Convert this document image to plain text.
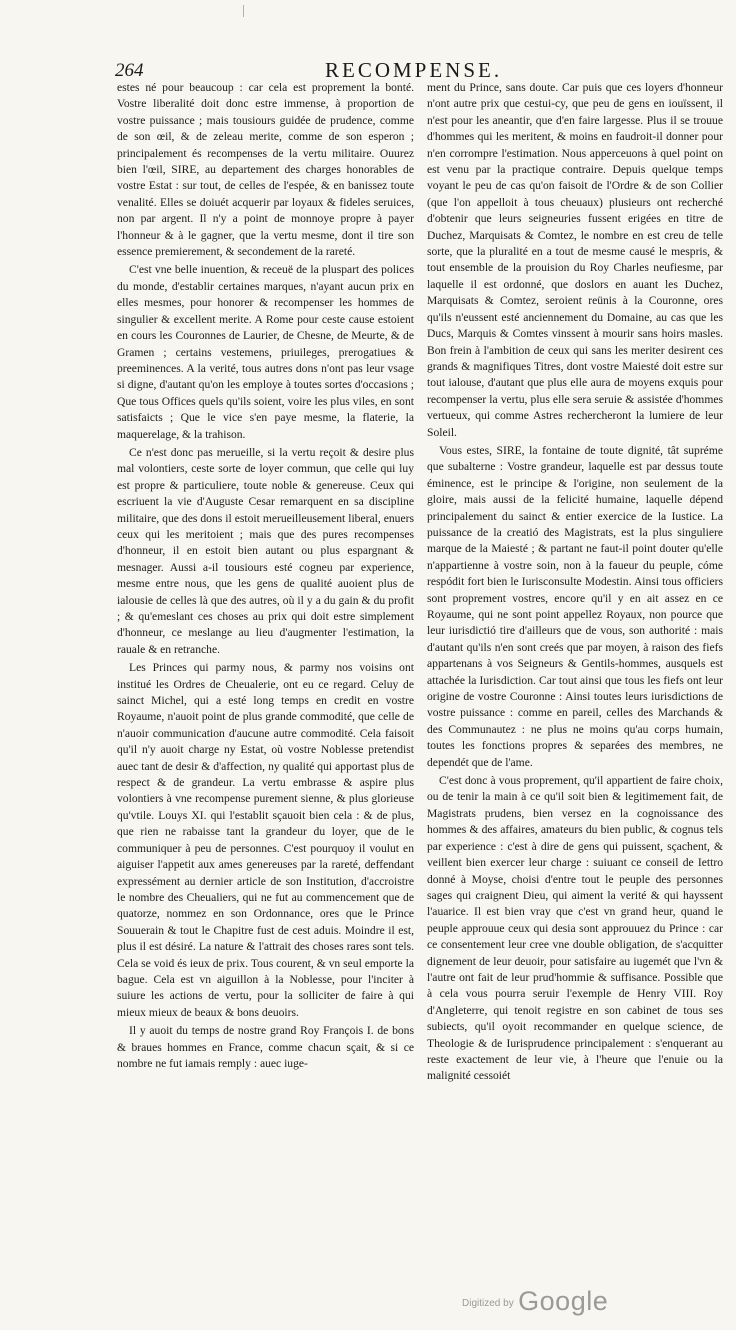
264	RECOMPENSE.

estes né pour beaucoup : car cela est proprement la bonté. Vostre liberalité doit donc estre immense, à proportion de vostre puissance ; mais tousiours guidée de prudence, comme de son œil, & de zeleau merite, comme de son esperon ; principalement és recompenses de la vertu militaire. Ouurez bien l'œil, SIRE, au departement des charges honorables de vostre Estat : sur tout, de celles de l'espée, & en banissez toute venalité. Elles se doiuét acquerir par loyaux & fideles seruices, non par argent. Il n'y a point de monnoye propre à payer l'honneur & à le gagner, que la vertu mesme, dont il tire son essence premierement, & secondement de la rareté.

C'est vne belle inuention, & receuë de la pluspart des polices du monde, d'establir certaines marques, n'ayant aucun prix en elles mesmes, pour honorer & recompenser les hommes de singulier & excellent merite. A Rome pour ceste cause estoient en cours les Couronnes de Laurier, de Chesne, de Meurte, & de Gramen ; certains vestemens, priuileges, prerogatiues & preeminences. A la verité, tous autres dons n'ont pas leur vsage si digne, d'autant qu'on les employe à toutes sortes d'occasions ; Que tous Offices quels qu'ils soient, voire les plus viles, en sont satisfaicts ; Que le vice s'en paye mesme, la flaterie, la maquerelage, & la trahison.

Ce n'est donc pas merueille, si la vertu reçoit & desire plus mal volontiers, ceste sorte de loyer commun, que celle qui luy est propre & particuliere, toute noble & genereuse. Ceux qui escriuent la vie d'Auguste Cesar remarquent en sa discipline militaire, que des dons il estoit merueilleusement liberal, enuers ceux qui les meritoient ; mais que des pures recompenses d'honneur, il en estoit bien autant ou plus espargnant & mesnager. Aussi a-il tousiours esté cogneu par experience, mesme entre nous, que les gens de qualité auoient plus de ialousie de celles là que des autres, où il y a du gain & du profit ; & qu'emeslant ces choses au prix qui doit estre simplement d'honneur, ce meslange au lieu d'augmenter l'estimation, la rauale & en retranche.

Les Princes qui parmy nous, & parmy nos voisins ont institué les Ordres de Cheualerie, ont eu ce regard. Celuy de sainct Michel, qui a esté long temps en credit en vostre Royaume, n'auoit point de plus grande commodité, que celle de n'auoir communication d'aucune autre commodité. Cela faisoit qu'il n'y auoit charge ny Estat, où vostre Noblesse pretendist auec tant de desir & d'affection, ny qualité qui apportast plus de respect & de grandeur. La vertu embrasse & aspire plus volontiers à vne recompense purement sienne, & plus glorieuse qu'vtile. Louys XI. qui l'establit sçauoit bien cela : & de plus, que rien ne rabaisse tant la grandeur du loyer, que de le communiquer à peu de personnes. C'est pourquoy il voulut en aiguiser l'appetit aux ames genereuses par la rareté, deffendant expressément au dernier article de son Institution, d'accroistre le nombre des Cheualiers, qui ne fut au commencement que de quatorze, nommez en son Ordonnance, ores que le Prince Souuerain & tout le Chapitre fust de cest aduis. Moindre il est, plus il est désiré. La nature & l'attrait des choses rares sont tels. Cela se void és ieux de prix. Tous courent, & vn seul emporte la bague. Cela est vn aiguillon à la Noblesse, pour l'inciter à suiure les actions de vertu, pour la solliciter de faire à qui mieux mieux de beaux & bons deuoirs.

Il y auoit du temps de nostre grand Roy François I. de bons & braues hommes en France, comme chacun sçait, & si ce nombre ne fut iamais remply : auec iuge-

ment du Prince, sans doute. Car puis que ces loyers d'honneur n'ont autre prix que cestui-cy, que peu de gens en iouïssent, il n'est pour les aneantir, que d'en faire largesse. Plus il se trouue d'hommes qui les meritent, & moins en faudroit-il donner pour n'en corrompre l'estimation. Nous apperceuons à quel point on est venu par la practique contraire. Depuis quelque temps voyant le peu de cas qu'on faisoit de l'Ordre & de son Collier (que l'on appelloit à tous cheuaux) plusieurs ont recherché d'obtenir que leurs seigneuries fussent erigées en titre de Duchez, Marquisats & Comtez, le nombre en est creu de telle sorte, que la pluralité en a tout de mesme causé le mespris, & tout ensemble de la prouision du Roy Charles neufiesme, par laquelle il est ordonné, que doslors en auant les Duchez, Marquisats & Comtez, seroient reünis à la Couronne, ores qu'ils n'eussent esté anciennement du Domaine, au cas que les Ducs, Marquis & Comtes vinssent à mourir sans hoirs masles. Bon frein à l'ambition de ceux qui sans les meriter desirent ces grands & magnifiques Titres, dont vostre Maiesté doit estre sur tout ialouse, d'autant que plus elle aura de moyens exquis pour recompenser la vertu, plus elle sera seruie & assistée d'hommes vertueux, qui comme Astres rechercheront la lumiere de leur Soleil.

Vous estes, SIRE, la fontaine de toute dignité, tât supréme que subalterne : Vostre grandeur, laquelle est par dessus toute éminence, est le principe & l'origine, non seulement de la gloire, mais aussi de la felicité humaine, laquelle dépend principalement du sainct & entier exercice de la Iustice. La puissance de la creatió des Magistrats, est la plus singuliere marque de la Maiesté ; & partant ne faut-il point douter qu'elle n'appartienne à vostre soin, non à la faueur du peuple, cóme respódit fort bien le Iurisconsulte Modestin. Ainsi tous officiers sont proprement vostres, encore qu'il y en ait assez en ce Royaume, qui ne sont point appellez Royaux, non pource que leur iurisdictió tire d'ailleurs que de vous, son authorité : mais d'autant qu'ils n'en sont creés que par moyen, à raison des fiefs appartenans à vos Seigneurs & Gentils-hommes, ausquels est attachée la Iurisdiction. Car tout ainsi que tous les fiefs ont leur origine de vostre Couronne : Ainsi toutes leurs iurisdictions de vostre puissance : comme en pareil, celles des Marchands & des Communautez : ne plus ne moins qu'au corps humain, toutes les fonctions propres & separées des membres, ne dependét que de l'ame.

C'est donc à vous proprement, qu'il appartient de faire choix, ou de tenir la main à ce qu'il soit bien & legitimement fait, de Magistrats prudens, bien versez en la cognoissance des hommes & des affaires, amateurs du bien public, & cognus tels par experience : c'est à dire de gens qui puissent, sçachent, & veillent bien exercer leur charge : suiuant ce conseil de Iettro donné à Moyse, choisi d'entre tout le peuple des personnes sages qui craignent Dieu, qui aiment la verité & qui hayssent l'auarice. Il est bien vray que c'est vn grand heur, quand le peuple approuue ceux qui desia sont approuuez du Prince : car ce consentement leur cree vne double obligation, de s'acquitter dignement de leur deuoir, pour satisfaire au iugemét que l'vn & l'autre ont fait de leur prud'hommie & suffisance. Possible que à cela vous pourra seruir l'exemple de Henry VIII. Roy d'Angleterre, qui tenoit registre en son cabinet de tous ses subiects, qu'il oyoit recommander en quelque science, de Theologie & de Iurisprudence principalement : s'enquerant au reste exactement de leur vie, à l'heure que l'enuie ou la malignité cessoiét

$^{Digitized by}$ Google
